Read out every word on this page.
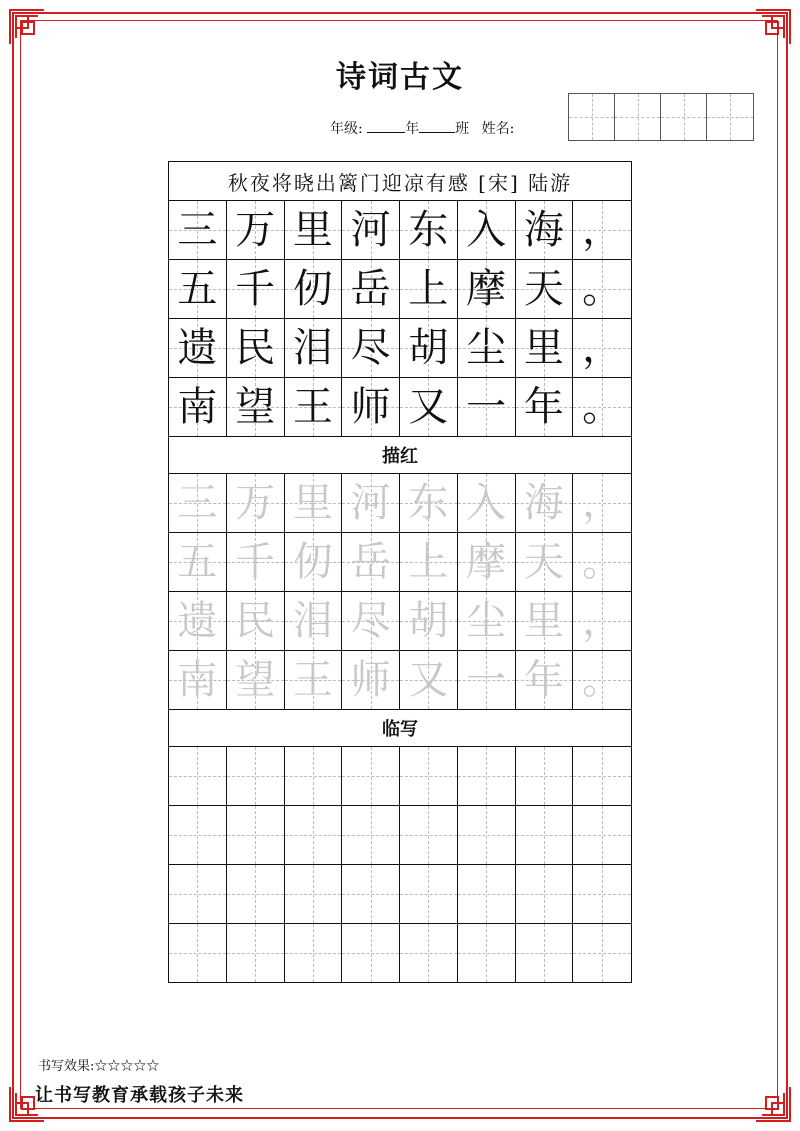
诗词古文
年级:	年	班 姓名:
秋夜将晓出篱门迎凉有感 [宋] 陆游
三 万 里 河 东 入 海 ，
五 千 仞 岳 上 摩 天 。
遗 民 泪 尽 胡 尘 里 ，
南 望 王 师 又 一 年 。
描红
三 万 里 河 东 入 海 ，
五 千 仞 岳 上 摩 天 。
遗 民 泪 尽 胡 尘 里 ，
南 望 王 师 又 一 年 。
临写
书写效果:☆☆☆☆☆
让书写教育承载孩子未来
